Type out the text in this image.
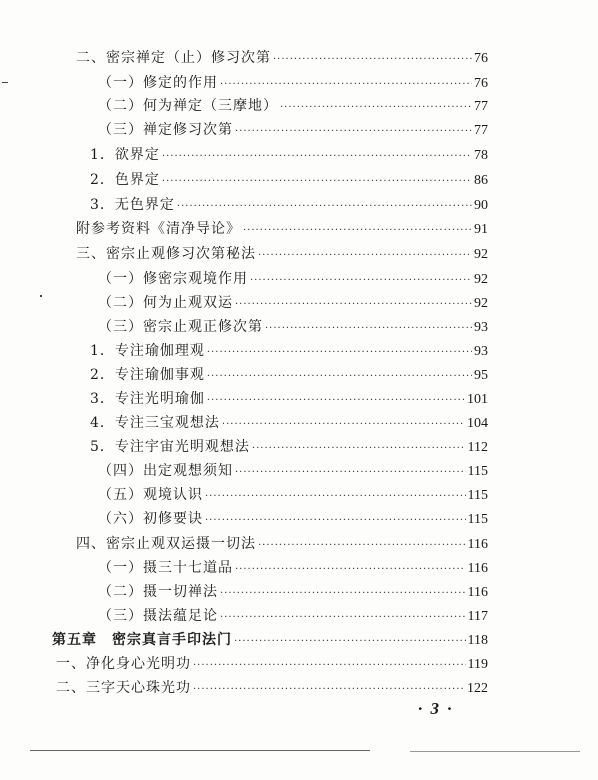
二、密宗禅定（止）修习次第 ·····	76
（一）修定的作用 ·····	76
（二）何为禅定（三摩地） ·····	77
（三）禅定修习次第 ·····	77
1．欲界定 ·····	78
2．色界定 ·····	86
3．无色界定 ·····	90
附参考资料《清净导论》 ·····	91
三、密宗止观修习次第秘法 ·····	92
（一）修密宗观境作用 ·····	92
（二）何为止观双运 ·····	92
（三）密宗止观正修次第 ·····	93
1．专注瑜伽理观 ·····	93
2．专注瑜伽事观 ·····	95
3．专注光明瑜伽 ·····	101
4．专注三宝观想法 ·····	104
5．专注宇宙光明观想法 ·····	112
（四）出定观想须知 ·····	115
（五）观境认识 ·····	115
（六）初修要诀 ·····	115
四、密宗止观双运摄一切法 ·····	116
（一）摄三十七道品 ·····	116
（二）摄一切禅法 ·····	116
（三）摄法蕴足论 ·····	117
第五章　密宗真言手印法门 ·····	118
一、净化身心光明功 ·····	119
二、三字天心珠光功 ·····	122
· 3 ·
